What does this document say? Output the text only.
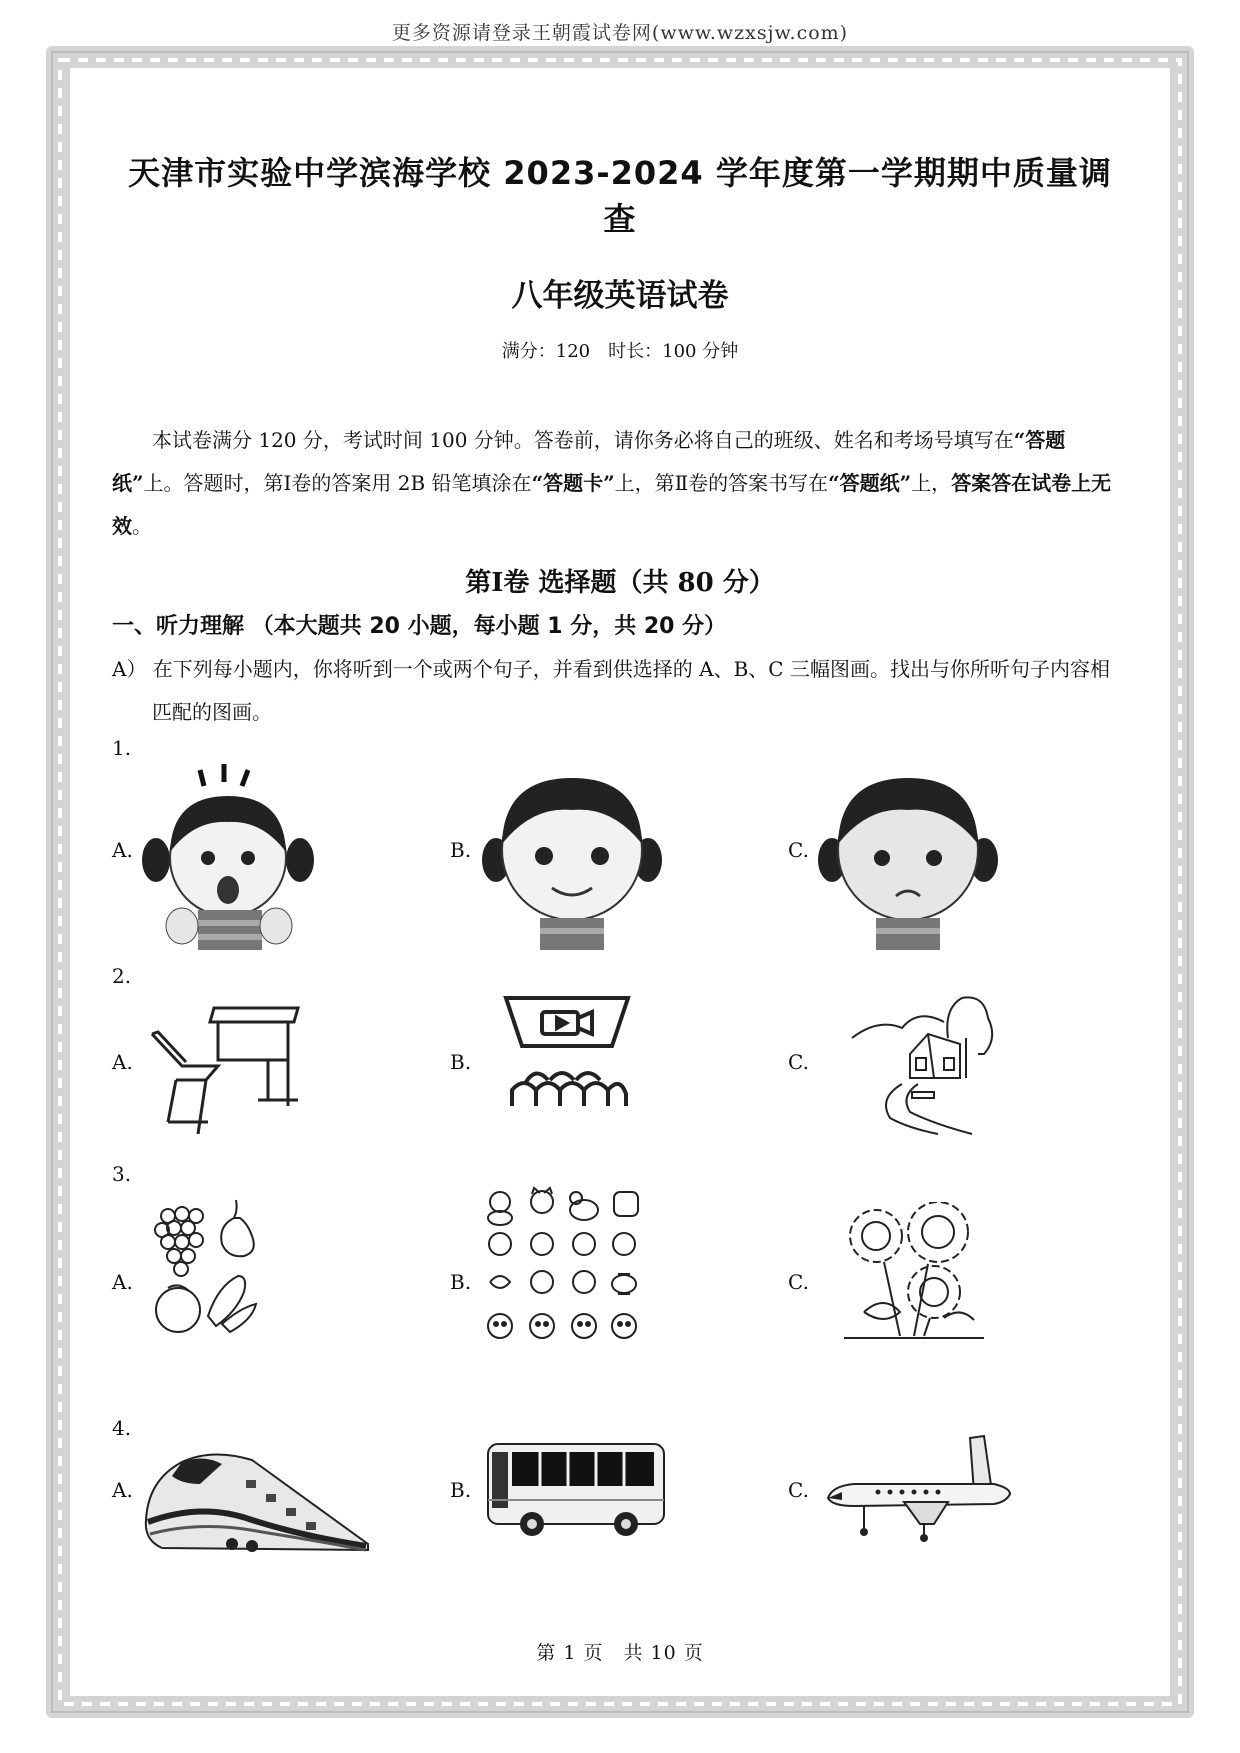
更多资源请登录王朝霞试卷网(www.wzxsjw.com)
天津市实验中学滨海学校 2023-2024 学年度第一学期期中质量调查
八年级英语试卷
满分：120　时长：100 分钟
本试卷满分 120 分，考试时间 100 分钟。答卷前，请你务必将自己的班级、姓名和考场号填写在“答题纸”上。答题时，第Ⅰ卷的答案用 2B 铅笔填涂在“答题卡”上，第Ⅱ卷的答案书写在“答题纸”上，答案答在试卷上无效。
第Ⅰ卷 选择题（共 80 分）
一、听力理解 （本大题共 20 小题，每小题 1 分，共 20 分）
A） 在下列每小题内，你将听到一个或两个句子，并看到供选择的 A、B、C 三幅图画。找出与你所听句子内容相匹配的图画。
1.
A.	B.	C.
2.
A.	B.	C.
3.
A.	B.	C.
4.
A.	B.	C.
第 1 页　共 10 页
